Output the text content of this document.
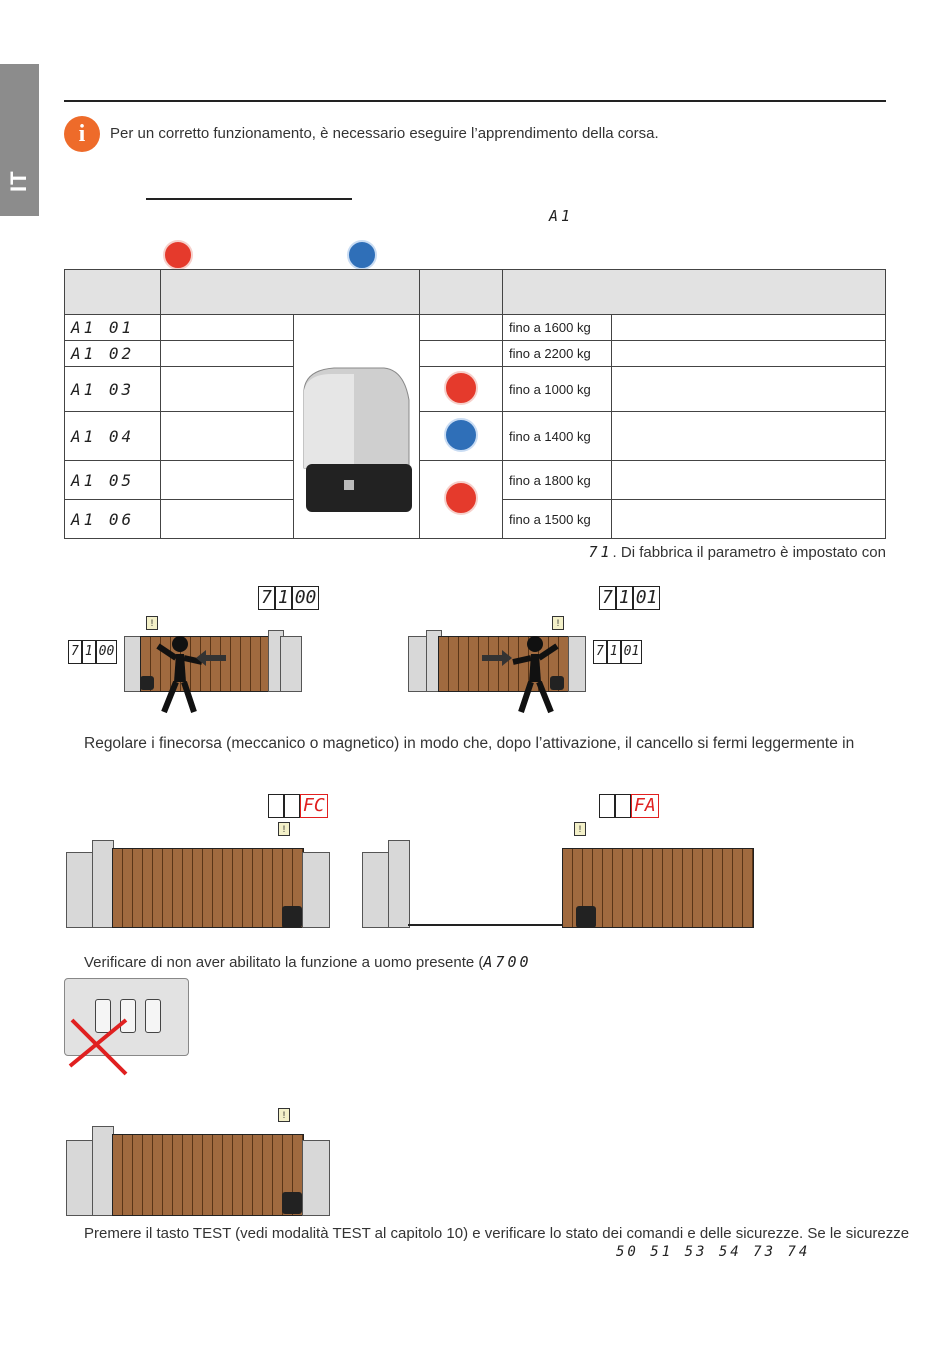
IT
i	Per un corretto funzionamento, è necessario eseguire l’apprendimento della corsa.
A1

A1 01				fino a 1600 kg	
A1 02				fino a 2200 kg	
A1 03				fino a 1000 kg	
A1 04				fino a 1400 kg	
A1 05				fino a 1800 kg	
A1 06				fino a 1500 kg	
71. Di fabbrica il parametro è impostato con
7 1 00	7 1 01
7 1 00	7 1 01
!	!
Regolare i finecorsa (meccanico o magnetico) in modo che, dopo l’attivazione, il cancello si fermi leggermente in
FC	FA
!	!
Verificare di non aver abilitato la funzione a uomo presente (A700
!
Premere il tasto TEST (vedi modalità TEST al capitolo 10) e verificare lo stato dei comandi e delle sicurezze. Se le sicurezze
50 51 53 54 73 74
